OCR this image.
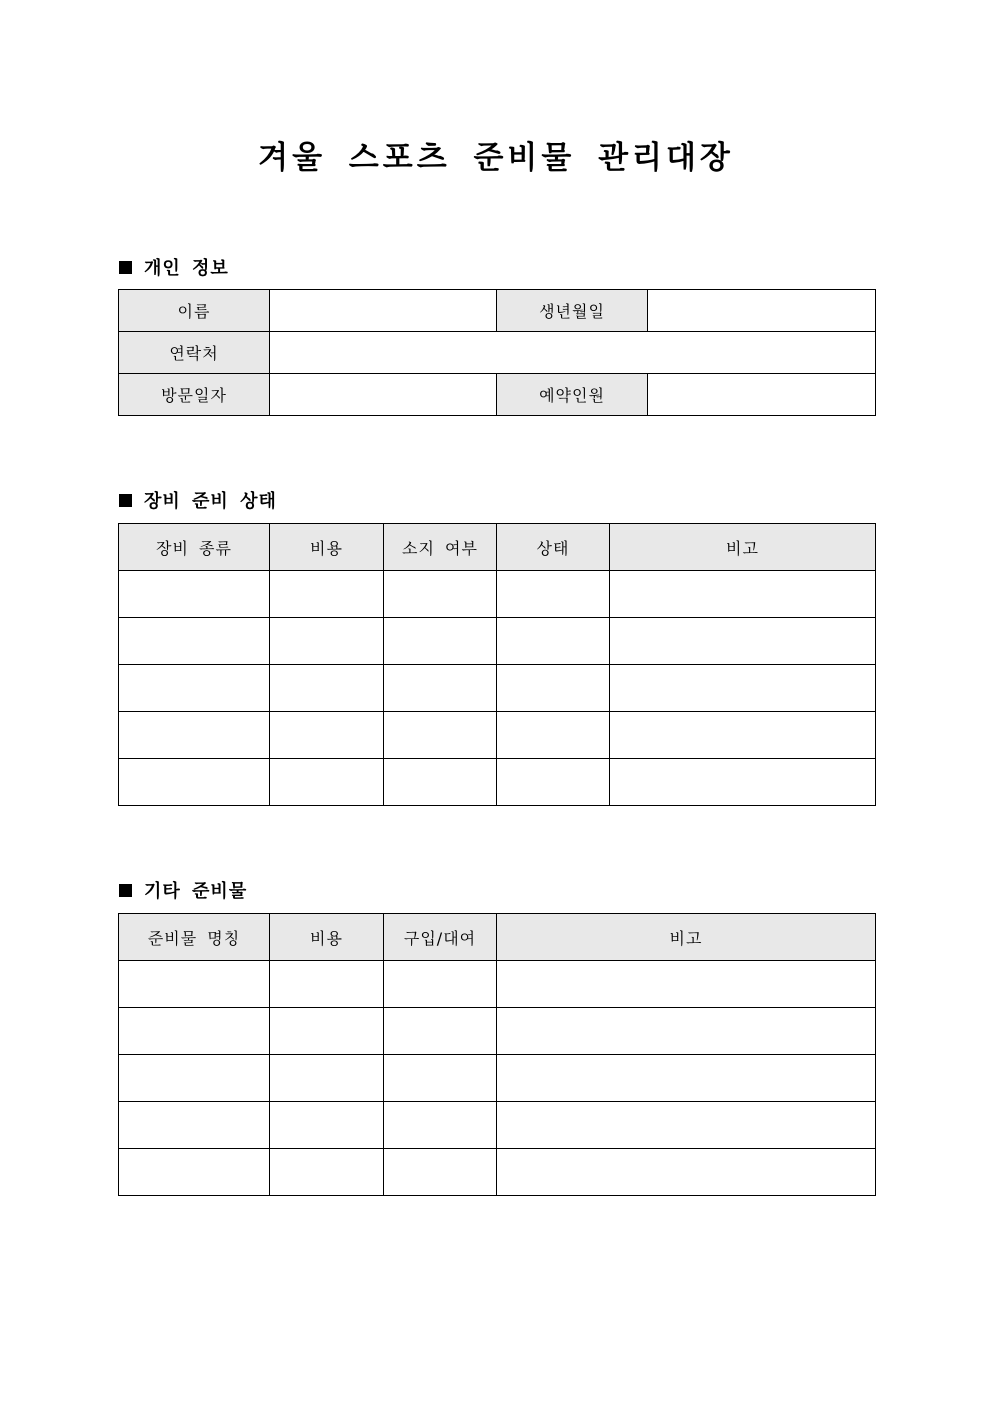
겨울 스포츠 준비물 관리대장
개인 정보
이름		생년월일	
연락처			
방문일자		예약인원	
장비 준비 상태
장비 종류	비용	소지 여부	상태	비고

기타 준비물
준비물 명칭	비용	구입/대여	비고
